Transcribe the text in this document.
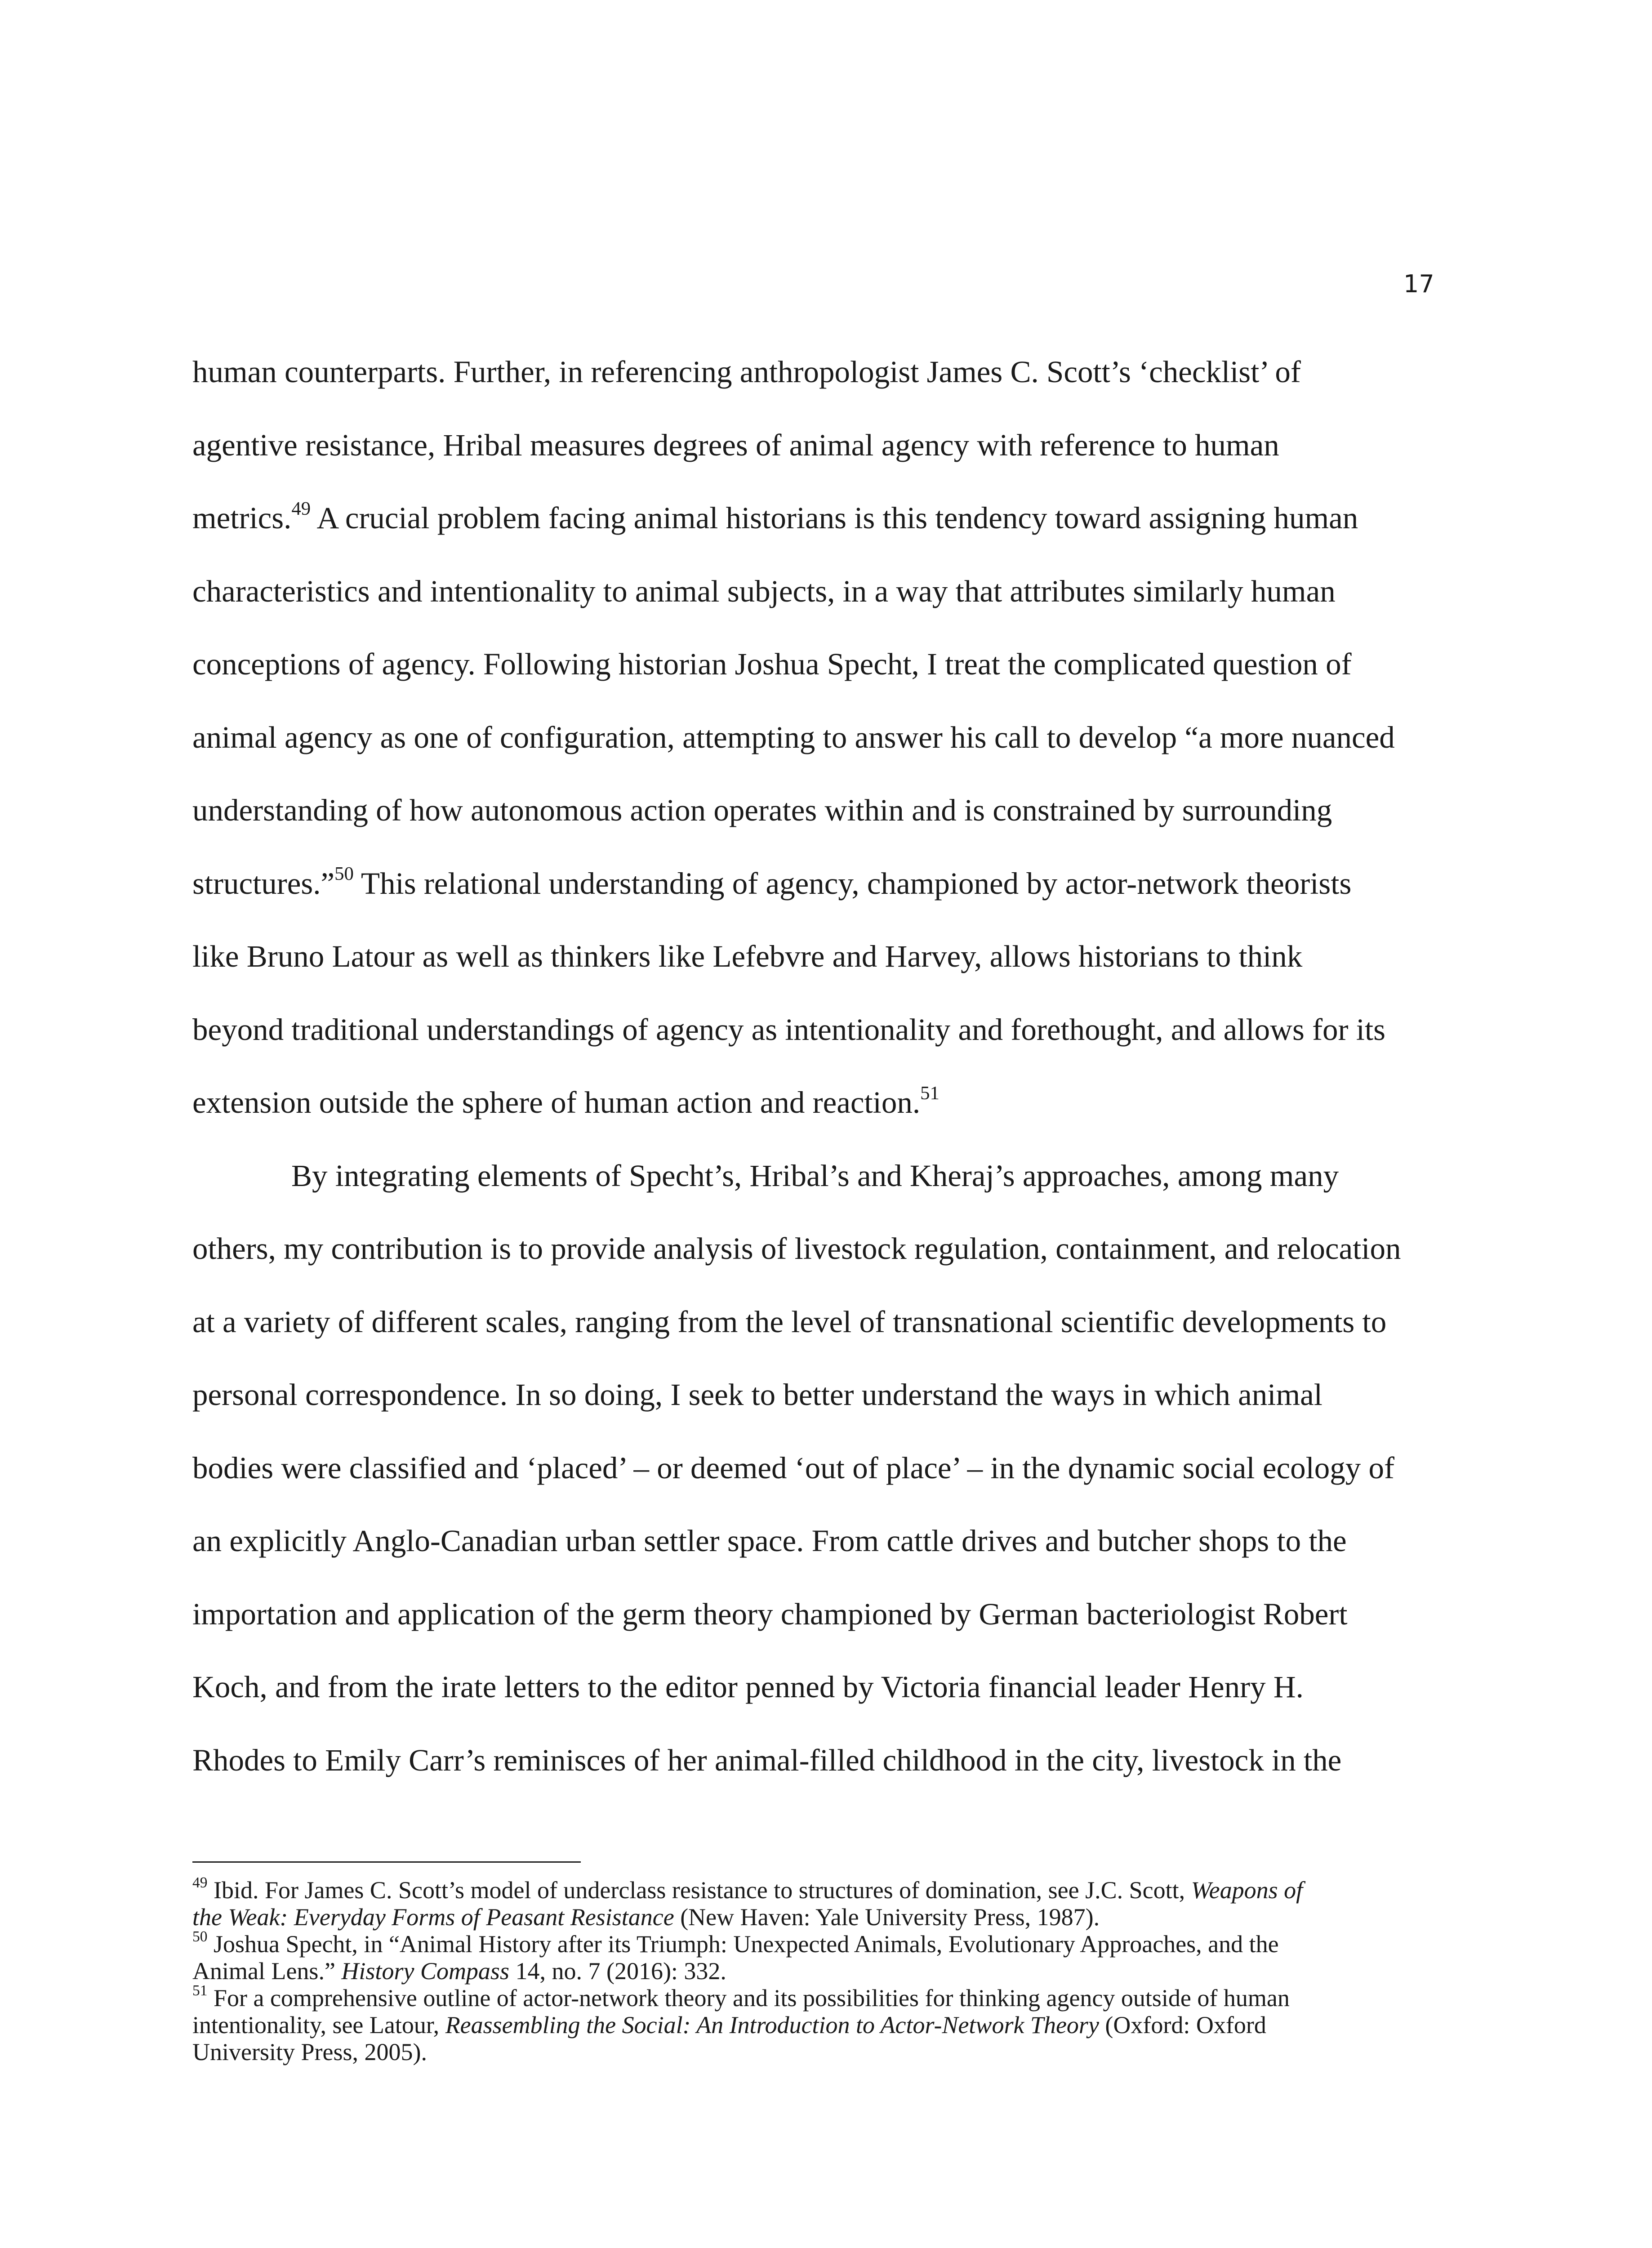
17
human counterparts. Further, in referencing anthropologist James C. Scott’s ‘checklist’ of
agentive resistance, Hribal measures degrees of animal agency with reference to human
metrics.$^{49}$ A crucial problem facing animal historians is this tendency toward assigning human
characteristics and intentionality to animal subjects, in a way that attributes similarly human
conceptions of agency. Following historian Joshua Specht, I treat the complicated question of
animal agency as one of configuration, attempting to answer his call to develop “a more nuanced
understanding of how autonomous action operates within and is constrained by surrounding
structures.”$^{50}$ This relational understanding of agency, championed by actor-network theorists
like Bruno Latour as well as thinkers like Lefebvre and Harvey, allows historians to think
beyond traditional understandings of agency as intentionality and forethought, and allows for its
extension outside the sphere of human action and reaction.$^{51}$
By integrating elements of Specht’s, Hribal’s and Kheraj’s approaches, among many
others, my contribution is to provide analysis of livestock regulation, containment, and relocation
at a variety of different scales, ranging from the level of transnational scientific developments to
personal correspondence. In so doing, I seek to better understand the ways in which animal
bodies were classified and ‘placed’ – or deemed ‘out of place’ – in the dynamic social ecology of
an explicitly Anglo-Canadian urban settler space. From cattle drives and butcher shops to the
importation and application of the germ theory championed by German bacteriologist Robert
Koch, and from the irate letters to the editor penned by Victoria financial leader Henry H.
Rhodes to Emily Carr’s reminisces of her animal-filled childhood in the city, livestock in the
$^{49}$ Ibid. For James C. Scott’s model of underclass resistance to structures of domination, see J.C. Scott, Weapons of
the Weak: Everyday Forms of Peasant Resistance (New Haven: Yale University Press, 1987).
$^{50}$ Joshua Specht, in “Animal History after its Triumph: Unexpected Animals, Evolutionary Approaches, and the
Animal Lens.” History Compass 14, no. 7 (2016): 332.
$^{51}$ For a comprehensive outline of actor-network theory and its possibilities for thinking agency outside of human
intentionality, see Latour, Reassembling the Social: An Introduction to Actor-Network Theory (Oxford: Oxford
University Press, 2005).
